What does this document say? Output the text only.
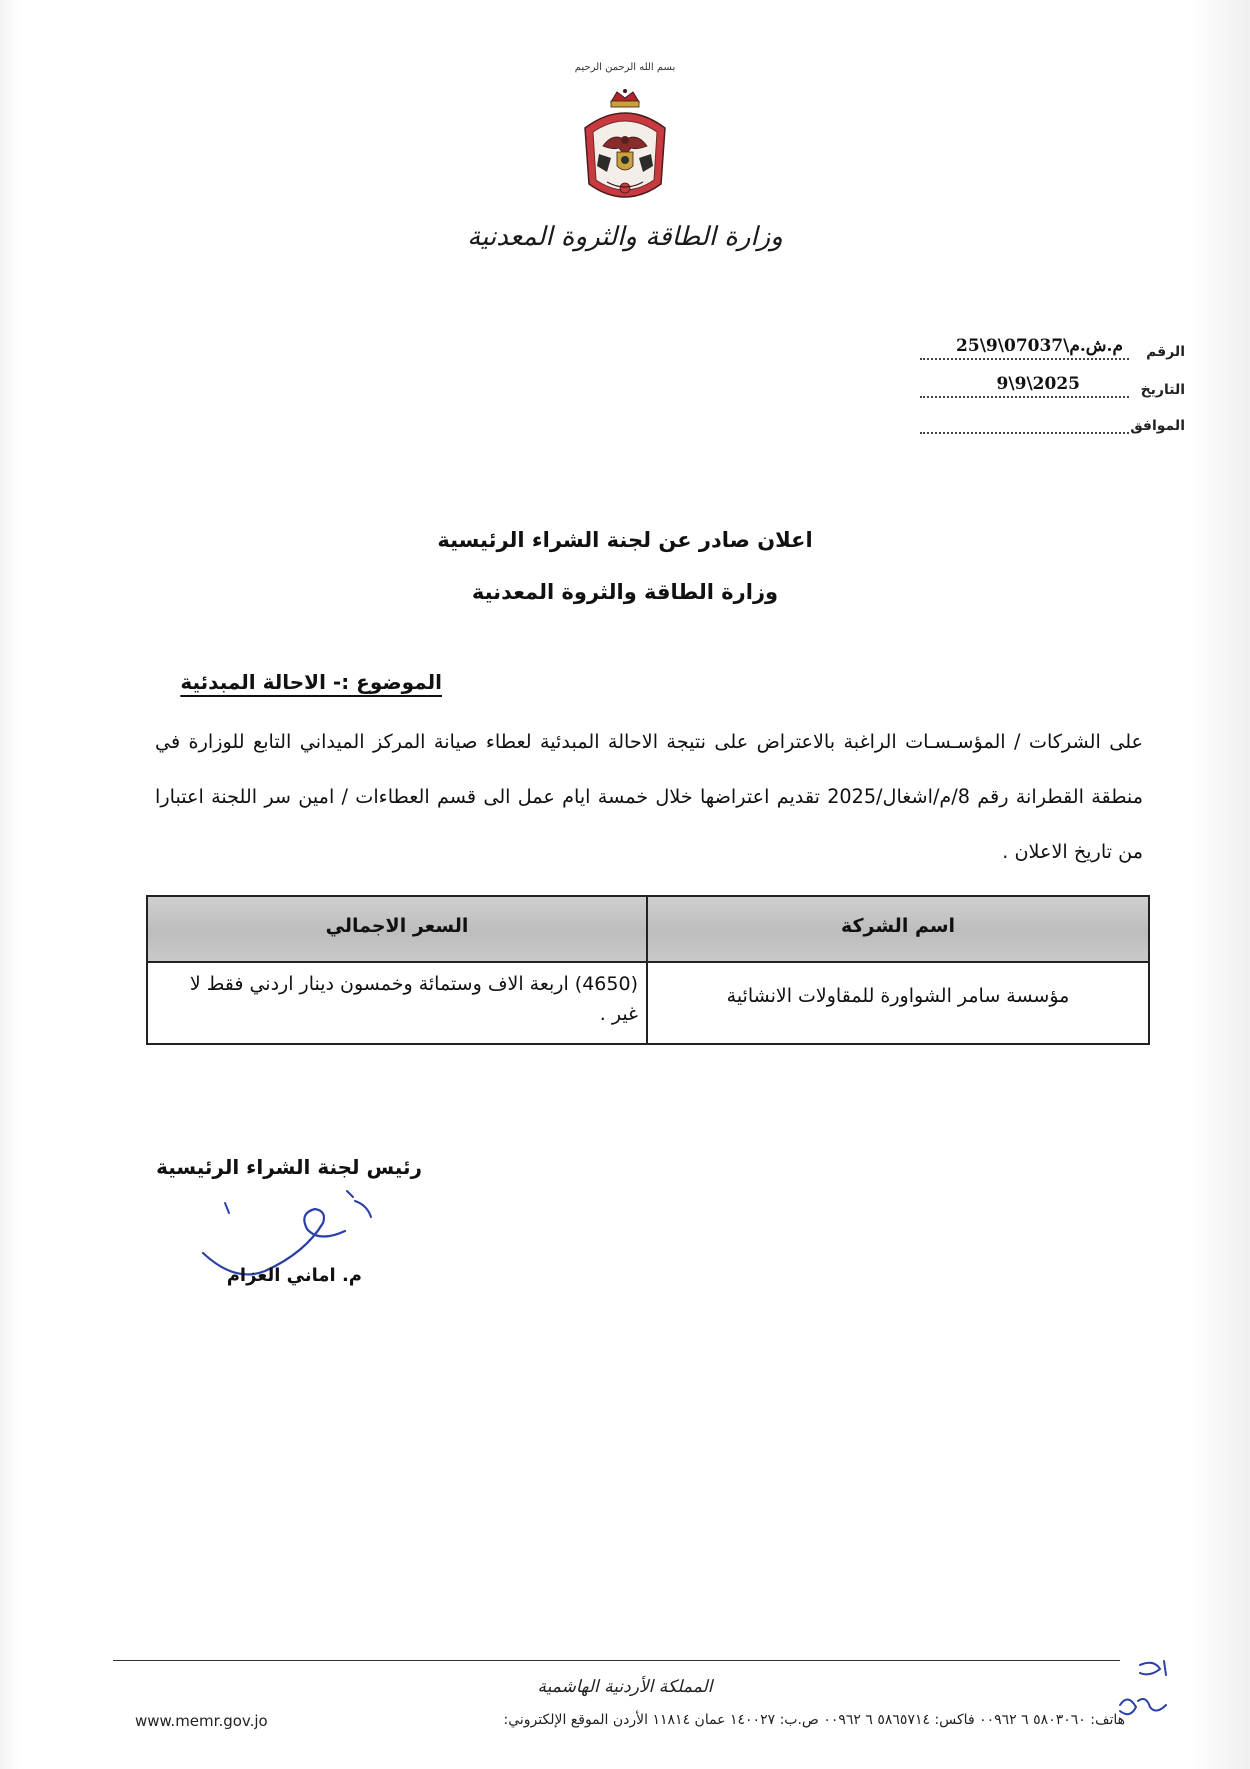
بسم الله الرحمن الرحيم
وزارة الطاقة والثروة المعدنية
الرقم
م.ش.م\07037\9\25
التاريخ
2025\9\9
الموافق
اعلان صادر عن لجنة الشراء الرئيسية
وزارة الطاقة والثروة المعدنية
الموضوع :- الاحالة المبدئية
على الشركات / المؤسـسـات الراغبة بالاعتراض على نتيجة الاحالة المبدئية لعطاء صيانة المركز الميداني التابع للوزارة في منطقة القطرانة رقم 8/م/اشغال/2025 تقديم اعتراضها خلال خمسة ايام عمل الى قسم العطاءات / امين سر اللجنة اعتبارا من تاريخ الاعلان .
اسم الشركة
السعر الاجمالي
مؤسسة سامر الشواورة للمقاولات الانشائية
(4650) اربعة الاف وستمائة وخمسون دينار اردني فقط لا غير .
رئيس لجنة الشراء الرئيسية
م. اماني العزام
المملكة الأردنية الهاشمية
هاتف: ٥٨٠٣٠٦٠ ٦ ٠٠٩٦٢ فاكس: ٥٨٦٥٧١٤ ٦ ٠٠٩٦٢ ص.ب: ١٤٠٠٢٧ عمان ١١٨١٤ الأردن الموقع الإلكتروني:
www.memr.gov.jo
